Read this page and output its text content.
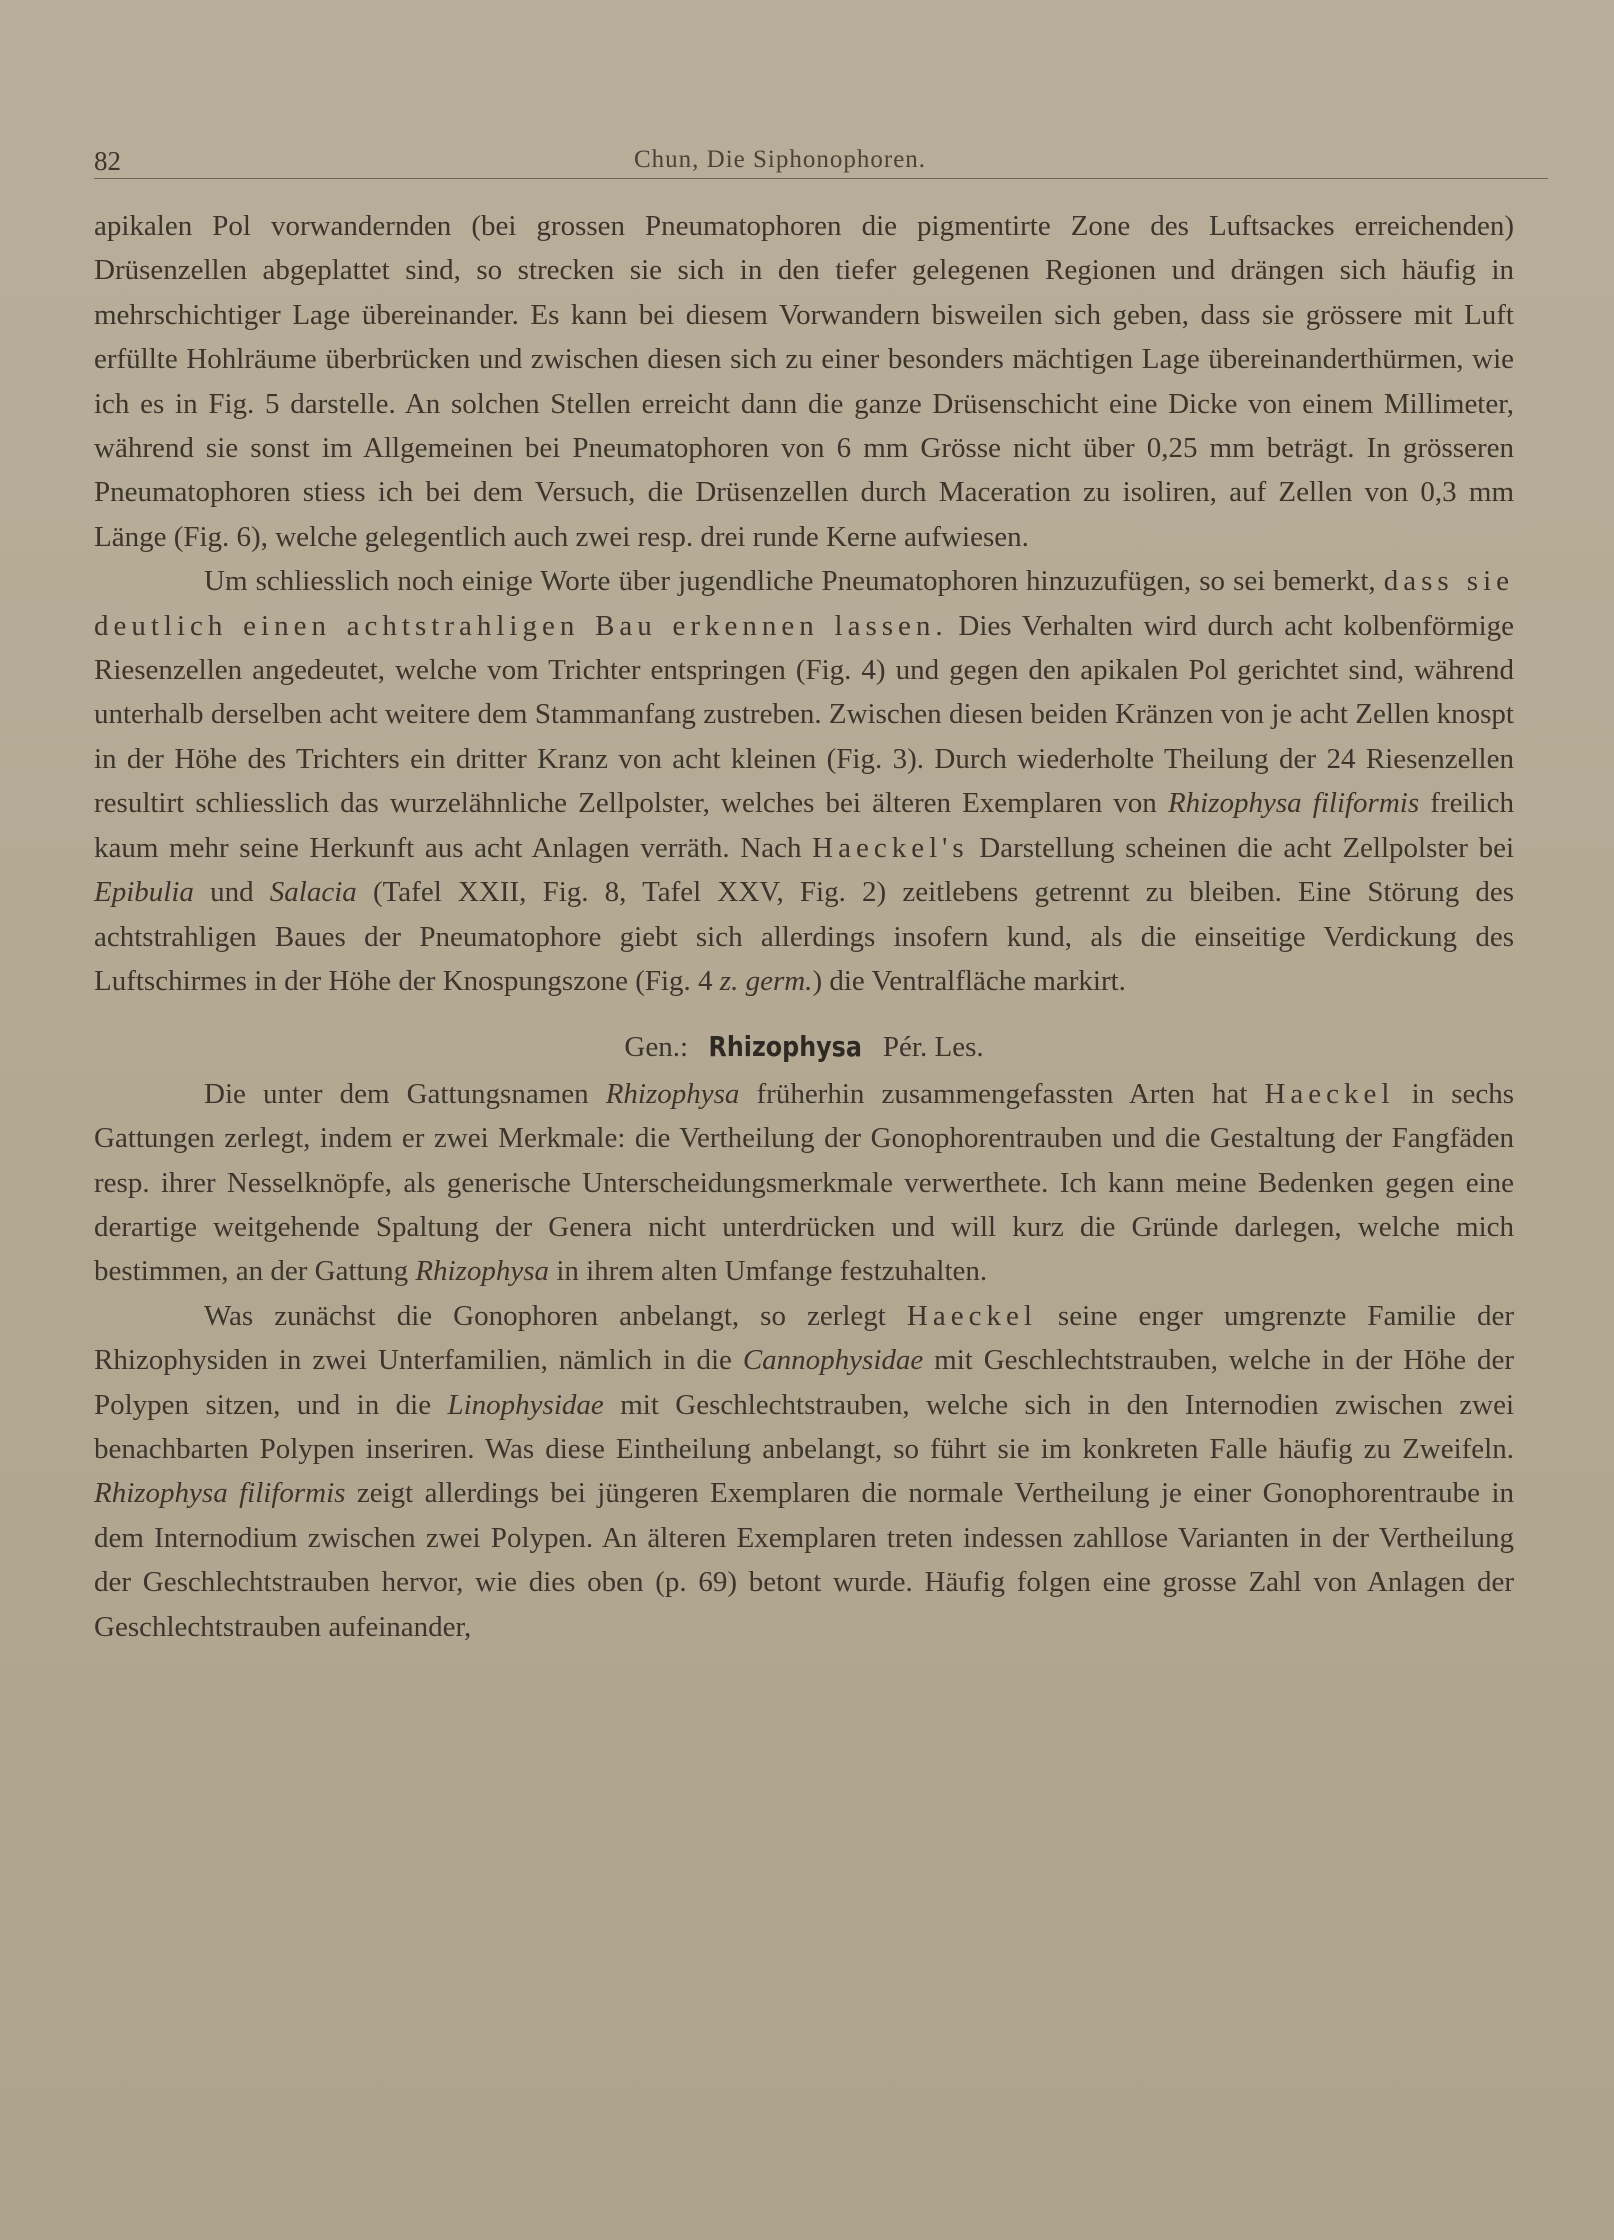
82	Chun, Die Siphonophoren.

apikalen Pol vorwandernden (bei grossen Pneumatophoren die pigmentirte Zone des Luftsackes erreichenden) Drüsenzellen abgeplattet sind, so strecken sie sich in den tiefer gelegenen Regionen und drängen sich häufig in mehrschichtiger Lage übereinander. Es kann bei diesem Vorwandern bisweilen sich geben, dass sie grössere mit Luft erfüllte Hohlräume überbrücken und zwischen diesen sich zu einer besonders mächtigen Lage übereinanderthürmen, wie ich es in Fig. 5 darstelle. An solchen Stellen erreicht dann die ganze Drüsenschicht eine Dicke von einem Millimeter, während sie sonst im Allgemeinen bei Pneumatophoren von 6 mm Grösse nicht über 0,25 mm beträgt. In grösseren Pneumatophoren stiess ich bei dem Versuch, die Drüsenzellen durch Maceration zu isoliren, auf Zellen von 0,3 mm Länge (Fig. 6), welche gelegentlich auch zwei resp. drei runde Kerne aufwiesen.

Um schliesslich noch einige Worte über jugendliche Pneumatophoren hinzuzufügen, so sei bemerkt, dass sie deutlich einen achtstrahligen Bau erkennen lassen. Dies Verhalten wird durch acht kolbenförmige Riesenzellen angedeutet, welche vom Trichter entspringen (Fig. 4) und gegen den apikalen Pol gerichtet sind, während unterhalb derselben acht weitere dem Stammanfang zustreben. Zwischen diesen beiden Kränzen von je acht Zellen knospt in der Höhe des Trichters ein dritter Kranz von acht kleinen (Fig. 3). Durch wiederholte Theilung der 24 Riesenzellen resultirt schliesslich das wurzelähnliche Zellpolster, welches bei älteren Exemplaren von Rhizophysa filiformis freilich kaum mehr seine Herkunft aus acht Anlagen verräth. Nach Haeckel's Darstellung scheinen die acht Zellpolster bei Epibulia und Salacia (Tafel XXII, Fig. 8, Tafel XXV, Fig. 2) zeitlebens getrennt zu bleiben. Eine Störung des achtstrahligen Baues der Pneumatophore giebt sich allerdings insofern kund, als die einseitige Verdickung des Luftschirmes in der Höhe der Knospungszone (Fig. 4 z. germ.) die Ventralfläche markirt.

Gen.: Rhizophysa Pér. Les.

Die unter dem Gattungsnamen Rhizophysa früherhin zusammengefassten Arten hat Haeckel in sechs Gattungen zerlegt, indem er zwei Merkmale: die Vertheilung der Gonophorentrauben und die Gestaltung der Fangfäden resp. ihrer Nesselknöpfe, als generische Unterscheidungsmerkmale verwerthete. Ich kann meine Bedenken gegen eine derartige weitgehende Spaltung der Genera nicht unterdrücken und will kurz die Gründe darlegen, welche mich bestimmen, an der Gattung Rhizophysa in ihrem alten Umfange festzuhalten.

Was zunächst die Gonophoren anbelangt, so zerlegt Haeckel seine enger umgrenzte Familie der Rhizophysiden in zwei Unterfamilien, nämlich in die Cannophysidae mit Geschlechtstrauben, welche in der Höhe der Polypen sitzen, und in die Linophysidae mit Geschlechtstrauben, welche sich in den Internodien zwischen zwei benachbarten Polypen inseriren. Was diese Eintheilung anbelangt, so führt sie im konkreten Falle häufig zu Zweifeln. Rhizophysa filiformis zeigt allerdings bei jüngeren Exemplaren die normale Vertheilung je einer Gonophorentraube in dem Internodium zwischen zwei Polypen. An älteren Exemplaren treten indessen zahllose Varianten in der Vertheilung der Geschlechtstrauben hervor, wie dies oben (p. 69) betont wurde. Häufig folgen eine grosse Zahl von Anlagen der Geschlechtstrauben aufeinander,
